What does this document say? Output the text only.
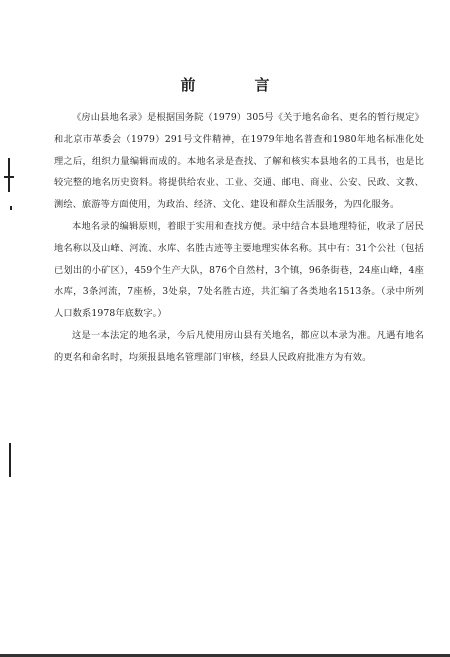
前　言

《房山县地名录》是根据国务院（1979）305号《关于地名命名、更名的暂行规定》和北京市革委会（1979）291号文件精神，在1979年地名普查和1980年地名标准化处理之后，组织力量编辑而成的。本地名录是查找、了解和核实本县地名的工具书，也是比较完整的地名历史资料。将提供给农业、工业、交通、邮电、商业、公安、民政、文教、测绘、旅游等方面使用，为政治、经济、文化、建设和群众生活服务，为四化服务。

本地名录的编辑原则，着眼于实用和查找方便。录中结合本县地理特征，收录了居民地名称以及山峰、河流、水库、名胜古迹等主要地理实体名称。其中有：31个公社（包括已划出的小矿区），459个生产大队，876个自然村，3个镇，96条街巷，24座山峰，4座水库，3条河流，7座桥，3处泉，7处名胜古迹，共汇编了各类地名1513条。（录中所列人口数系1978年底数字。）

这是一本法定的地名录，今后凡使用房山县有关地名，都应以本录为准。凡遇有地名的更名和命名时，均须报县地名管理部门审核，经县人民政府批准方为有效。
